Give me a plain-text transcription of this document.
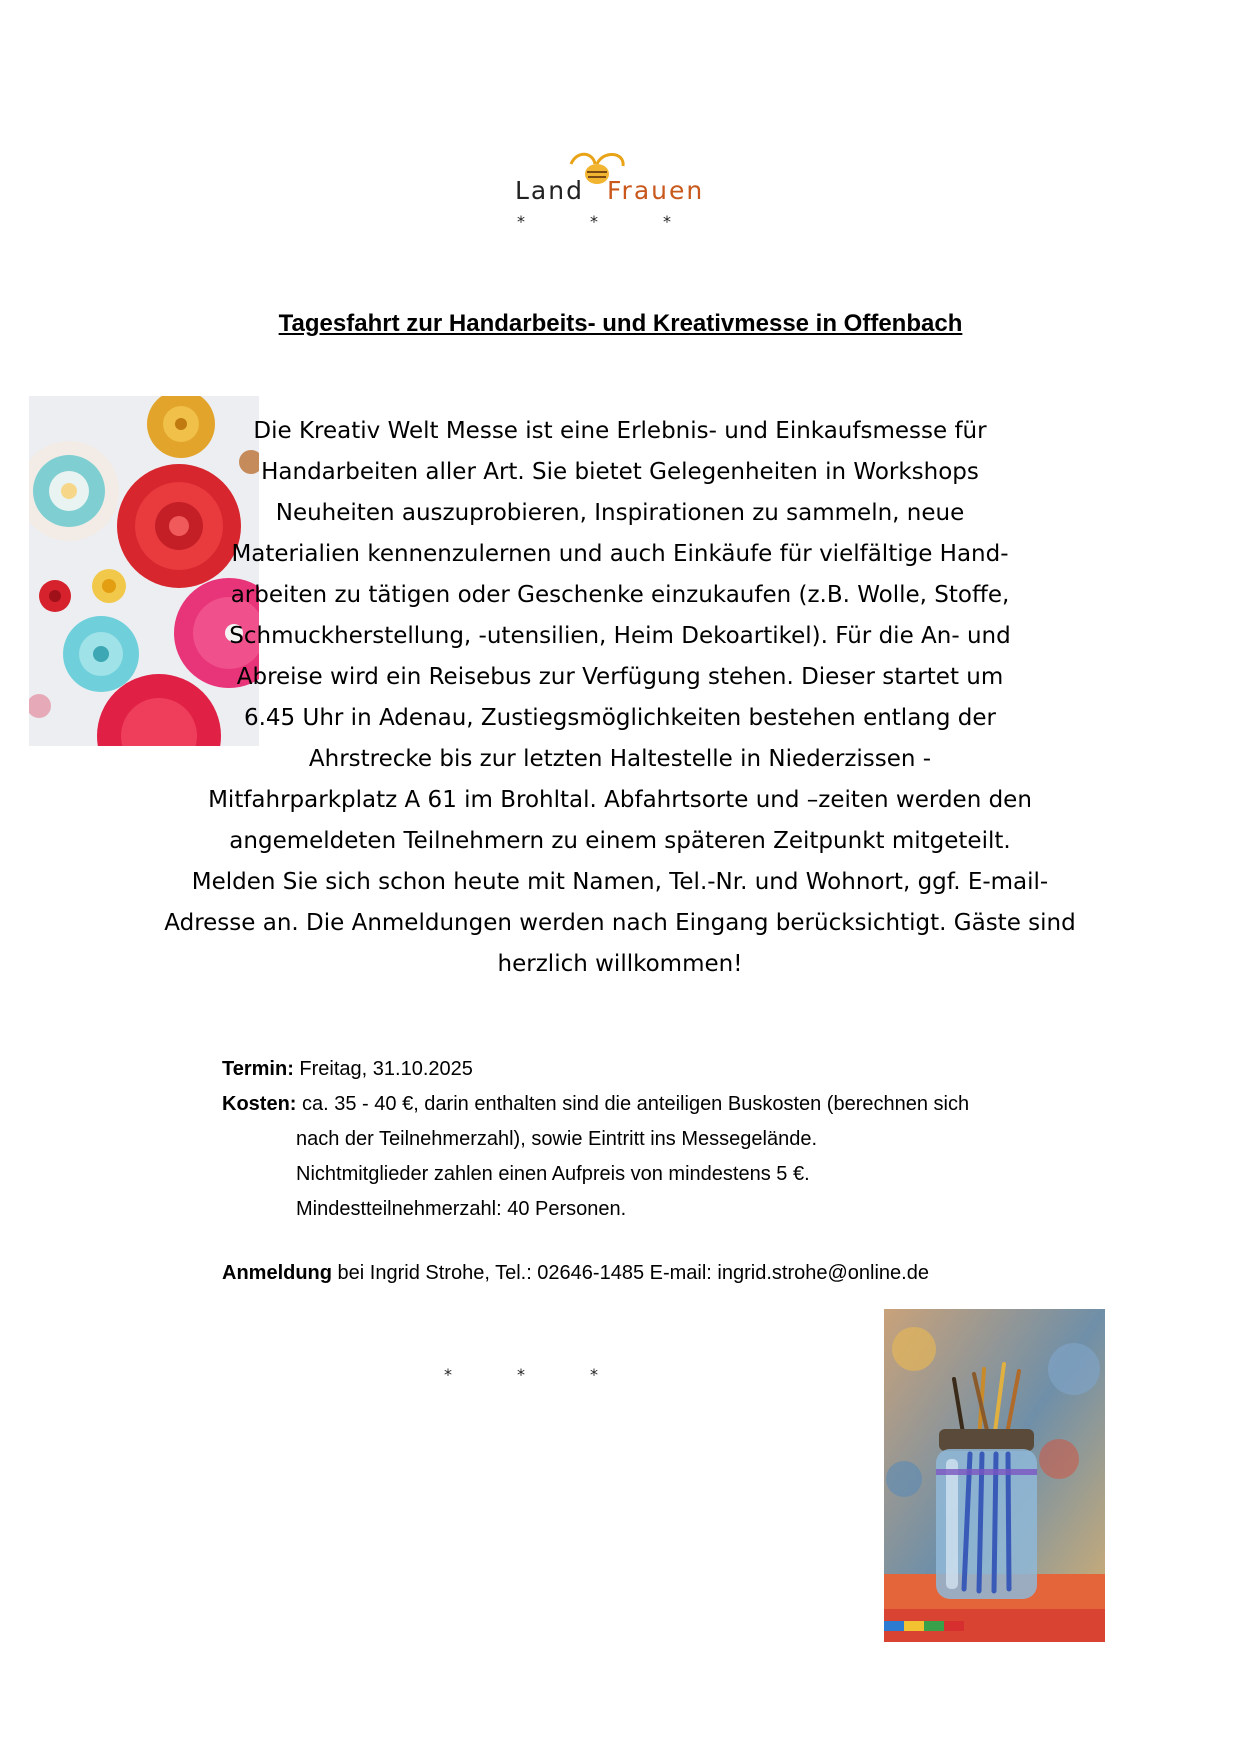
Land Frauen
*	*	*
Tagesfahrt zur Handarbeits- und Kreativmesse in Offenbach
Die Kreativ Welt Messe ist eine Erlebnis- und Einkaufsmesse für
Handarbeiten aller Art. Sie bietet Gelegenheiten in Workshops
Neuheiten auszuprobieren, Inspirationen zu sammeln, neue
Materialien kennenzulernen und auch Einkäufe für vielfältige Hand-
arbeiten zu tätigen oder Geschenke einzukaufen (z.B. Wolle, Stoffe,
Schmuckherstellung, -utensilien, Heim Dekoartikel). Für die An- und
Abreise wird ein Reisebus zur Verfügung stehen. Dieser startet um
6.45 Uhr in Adenau, Zustiegsmöglichkeiten bestehen entlang der
Ahrstrecke bis zur letzten Haltestelle in Niederzissen -
Mitfahrparkplatz A 61 im Brohltal. Abfahrtsorte und –zeiten werden den
angemeldeten Teilnehmern zu einem späteren Zeitpunkt mitgeteilt.
Melden Sie sich schon heute mit Namen, Tel.-Nr. und Wohnort, ggf. E-mail-
Adresse an. Die Anmeldungen werden nach Eingang berücksichtigt. Gäste sind
herzlich willkommen!
Termin: Freitag, 31.10.2025
Kosten: ca. 35 - 40 €, darin enthalten sind die anteiligen Buskosten (berechnen sich
nach der Teilnehmerzahl), sowie Eintritt ins Messegelände.
Nichtmitglieder zahlen einen Aufpreis von mindestens 5 €.
Mindestteilnehmerzahl: 40 Personen.
Anmeldung bei Ingrid Strohe, Tel.: 02646-1485 E-mail: ingrid.strohe@online.de
*	*	*
